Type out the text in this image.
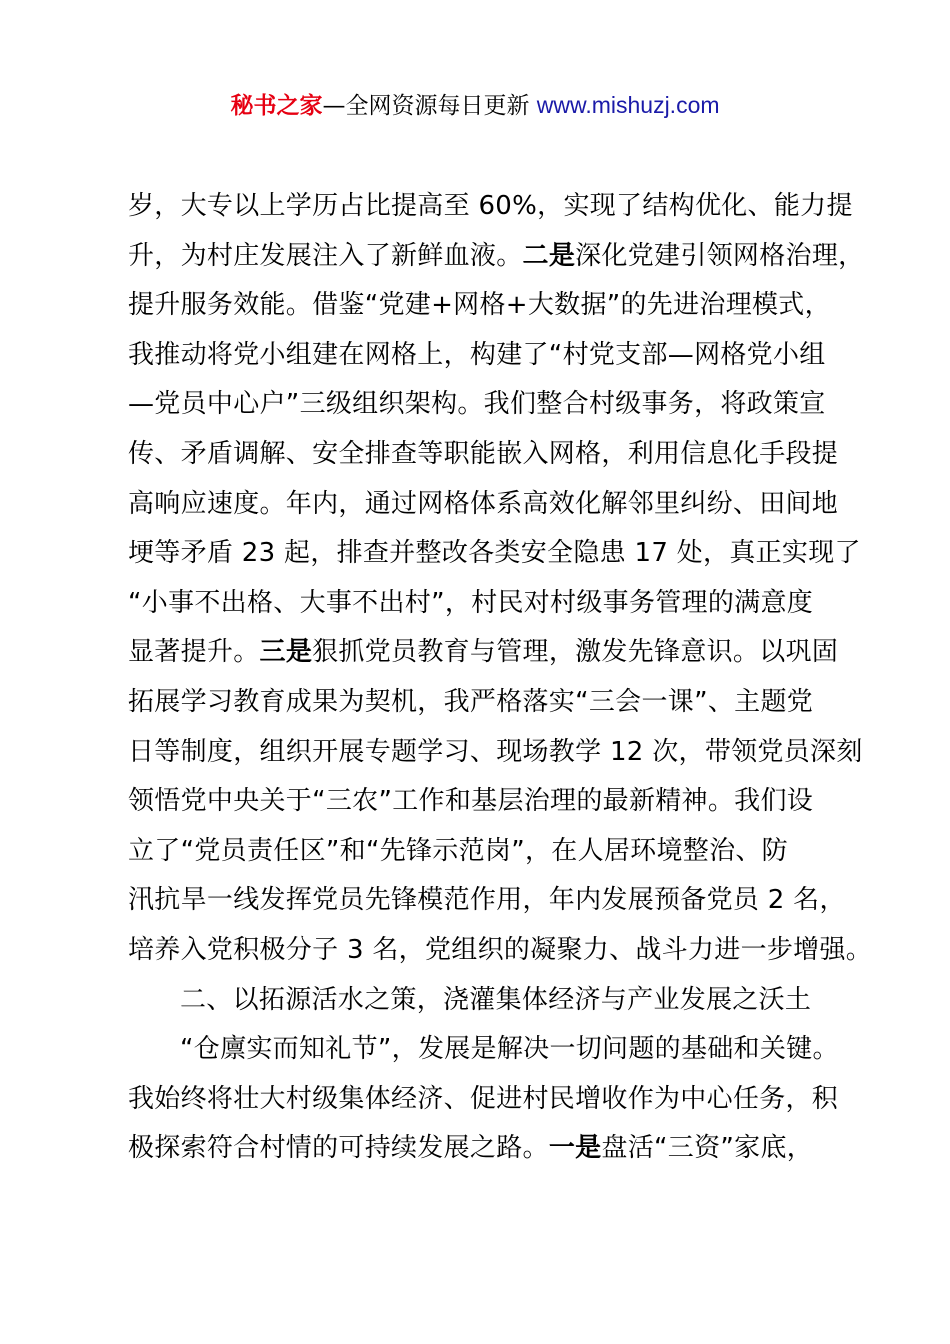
秘书之家—全网资源每日更新 www.mishuzj.com
岁，大专以上学历占比提高至 60%，实现了结构优化、能力提
升，为村庄发展注入了新鲜血液。二是深化党建引领网格治理，
提升服务效能。借鉴“党建+网格+大数据”的先进治理模式，
我推动将党小组建在网格上，构建了“村党支部—网格党小组
—党员中心户”三级组织架构。我们整合村级事务，将政策宣
传、矛盾调解、安全排查等职能嵌入网格，利用信息化手段提
高响应速度。年内，通过网格体系高效化解邻里纠纷、田间地
埂等矛盾 23 起，排查并整改各类安全隐患 17 处，真正实现了
“小事不出格、大事不出村”，村民对村级事务管理的满意度
显著提升。三是狠抓党员教育与管理，激发先锋意识。以巩固
拓展学习教育成果为契机，我严格落实“三会一课”、主题党
日等制度，组织开展专题学习、现场教学 12 次，带领党员深刻
领悟党中央关于“三农”工作和基层治理的最新精神。我们设
立了“党员责任区”和“先锋示范岗”，在人居环境整治、防
汛抗旱一线发挥党员先锋模范作用，年内发展预备党员 2 名，
培养入党积极分子 3 名，党组织的凝聚力、战斗力进一步增强。
二、以拓源活水之策，浇灌集体经济与产业发展之沃土
“仓廪实而知礼节”，发展是解决一切问题的基础和关键。
我始终将壮大村级集体经济、促进村民增收作为中心任务，积
极探索符合村情的可持续发展之路。一是盘活“三资”家底，
